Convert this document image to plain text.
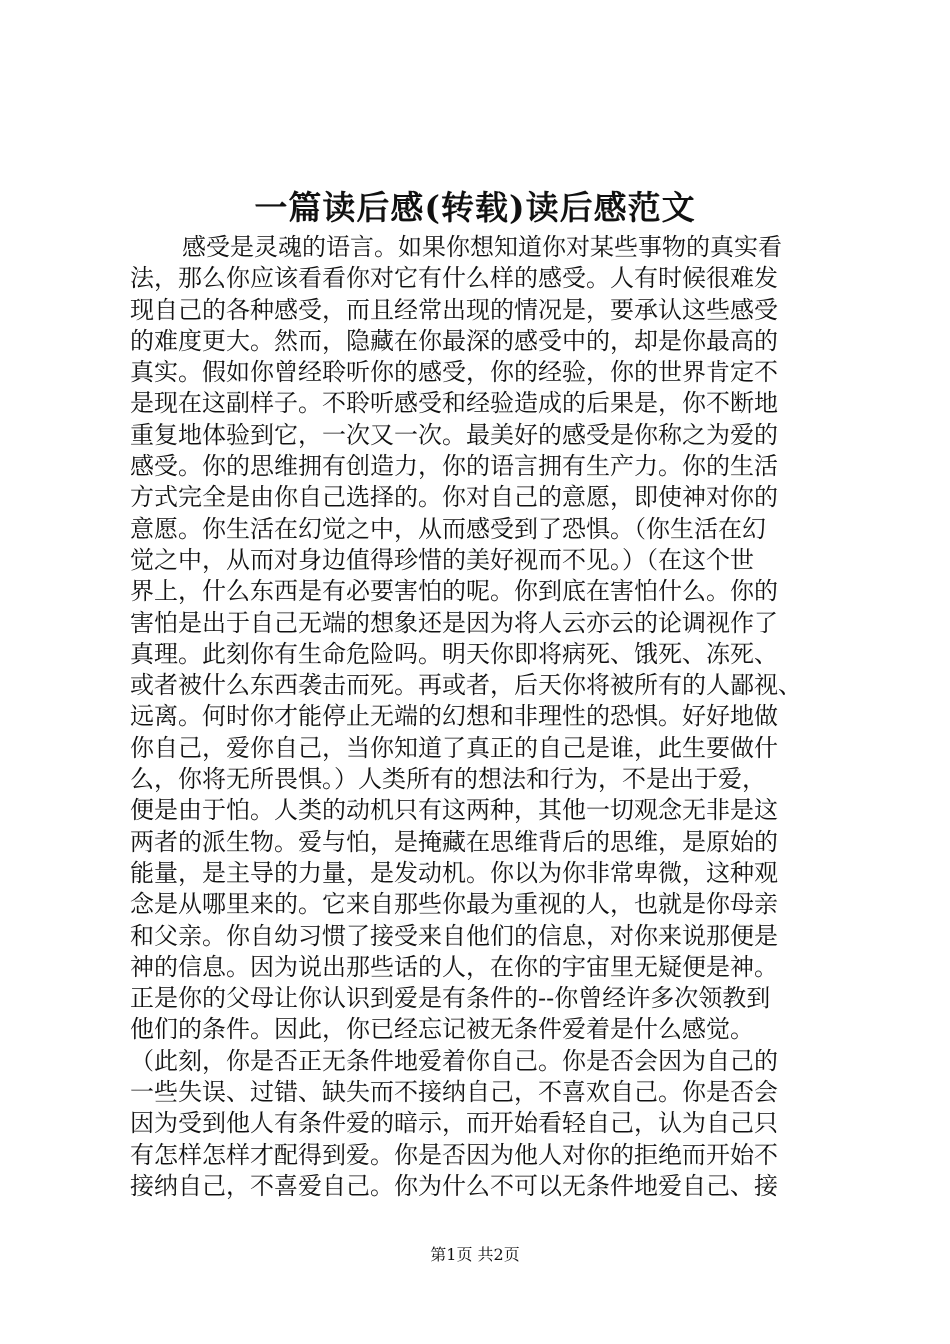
一篇读后感(转载)读后感范文
感受是灵魂的语言。如果你想知道你对某些事物的真实看
法，那么你应该看看你对它有什么样的感受。人有时候很难发
现自己的各种感受，而且经常出现的情况是，要承认这些感受
的难度更大。然而，隐藏在你最深的感受中的，却是你最高的
真实。假如你曾经聆听你的感受，你的经验，你的世界肯定不
是现在这副样子。不聆听感受和经验造成的后果是，你不断地
重复地体验到它，一次又一次。最美好的感受是你称之为爱的
感受。你的思维拥有创造力，你的语言拥有生产力。你的生活
方式完全是由你自己选择的。你对自己的意愿，即使神对你的
意愿。你生活在幻觉之中，从而感受到了恐惧。（你生活在幻
觉之中，从而对身边值得珍惜的美好视而不见。）（在这个世
界上，什么东西是有必要害怕的呢。你到底在害怕什么。你的
害怕是出于自己无端的想象还是因为将人云亦云的论调视作了
真理。此刻你有生命危险吗。明天你即将病死、饿死、冻死、
或者被什么东西袭击而死。再或者，后天你将被所有的人鄙视、
远离。何时你才能停止无端的幻想和非理性的恐惧。好好地做
你自己，爱你自己，当你知道了真正的自己是谁，此生要做什
么，你将无所畏惧。）人类所有的想法和行为，不是出于爱，
便是由于怕。人类的动机只有这两种，其他一切观念无非是这
两者的派生物。爱与怕，是掩藏在思维背后的思维，是原始的
能量，是主导的力量，是发动机。你以为你非常卑微，这种观
念是从哪里来的。它来自那些你最为重视的人，也就是你母亲
和父亲。你自幼习惯了接受来自他们的信息，对你来说那便是
神的信息。因为说出那些话的人，在你的宇宙里无疑便是神。
正是你的父母让你认识到爱是有条件的--你曾经许多次领教到
他们的条件。因此，你已经忘记被无条件爱着是什么感觉。
（此刻，你是否正无条件地爱着你自己。你是否会因为自己的
一些失误、过错、缺失而不接纳自己，不喜欢自己。你是否会
因为受到他人有条件爱的暗示，而开始看轻自己，认为自己只
有怎样怎样才配得到爱。你是否因为他人对你的拒绝而开始不
接纳自己，不喜爱自己。你为什么不可以无条件地爱自己、接
第1页 共2页
